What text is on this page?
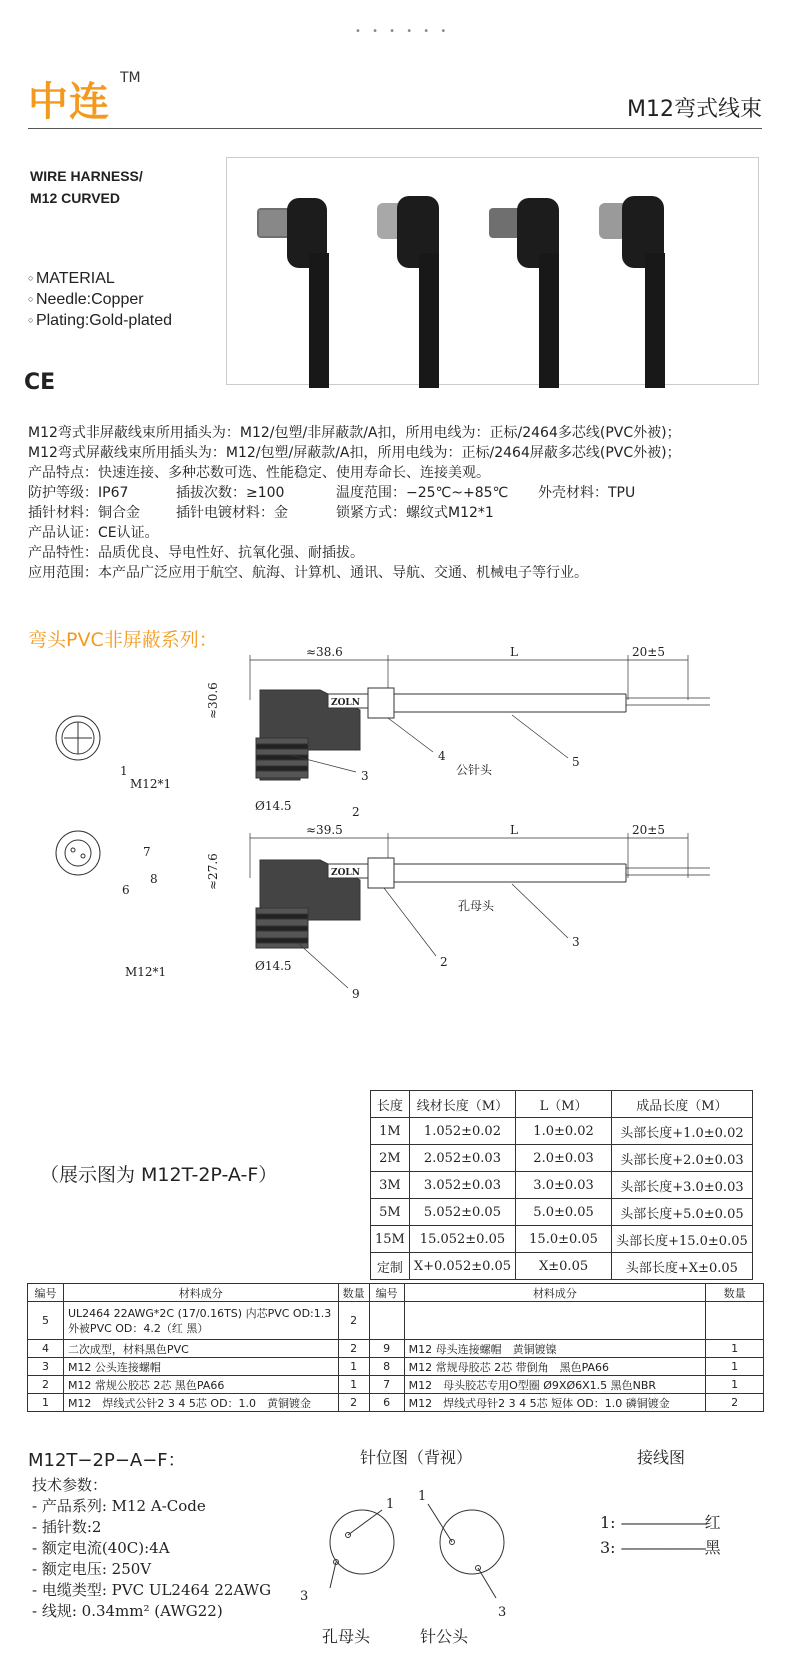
• • • • • •
中连
TM
M12弯式线束
WIRE HARNESS/
M12 CURVED
○ MATERIAL
○ Needle:Copper
○ Plating:Gold-plated
CE
M12弯式非屏蔽线束所用插头为：M12/包塑/非屏蔽款/A扣，所用电线为：正标/2464多芯线(PVC外被)；
M12弯式屏蔽线束所用插头为：M12/包塑/屏蔽款/A扣，所用电线为：正标/2464屏蔽多芯线(PVC外被)；
产品特点：快速连接、多种芯数可选、性能稳定、使用寿命长、连接美观。
防护等级：IP67	插拔次数：≥100	温度范围：−25℃~+85℃ 外壳材料：TPU
插针材料：铜合金	插针电镀材料：金	锁紧方式：螺纹式M12*1
产品认证：CE认证。
产品特性：品质优良、导电性好、抗氧化强、耐插拔。
应用范围：本产品广泛应用于航空、航海、计算机、通讯、导航、交通、机械电子等行业。
弯头PVC非屏蔽系列：
≈38.6	L	20±5
ZOLN
≈30.6
Ø14.5
M12*1
公针头
1
2
3
4	5
≈39.5	L	20±5
ZOLN
≈27.6
Ø14.5
M12*1
孔母头
6
7
8
2
3
9
（展示图为 M12T-2P-A-F）
长度	线材长度（M）	L（M）	成品长度（M）
1M	1.052±0.02	1.0±0.02	头部长度+1.0±0.02
2M	2.052±0.03	2.0±0.03	头部长度+2.0±0.03
3M	3.052±0.03	3.0±0.03	头部长度+3.0±0.03
5M	5.052±0.05	5.0±0.05	头部长度+5.0±0.05
15M	15.052±0.05	15.0±0.05	头部长度+15.0±0.05
定制	X+0.052±0.05	X±0.05	头部长度+X±0.05
编号	材料成分	数量	编号	材料成分	数量
5	UL2464 22AWG*2C (17/0.16TS) 内芯PVC OD:1.3 外被PVC OD：4.2（红 黑）	2			
4	二次成型，材料黑色PVC	2	9	M12 母头连接螺帽　黄铜镀镍	1
3	M12 公头连接螺帽	1	8	M12 常规母胶芯 2芯 带倒角　黑色PA66	1
2	M12 常规公胶芯 2芯 黑色PA66	1	7	M12　母头胶芯专用O型圈 Ø9XØ6X1.5 黑色NBR	1
1	M12　焊线式公针2 3 4 5芯 OD：1.0　黄铜镀金	2	6	M12　焊线式母针2 3 4 5芯 短体 OD：1.0 磷铜镀金	2
M12T−2P−A−F：
技术参数：
- 产品系列: M12 A-Code
- 插针数:2
- 额定电流(40C):4A
- 额定电压: 250V
- 电缆类型: PVC UL2464 22AWG
- 线规: 0.34mm² (AWG22)
针位图（背视）	接线图
1
3
孔母头
1
3
针公头
1: ——————红
3: ——————黑
